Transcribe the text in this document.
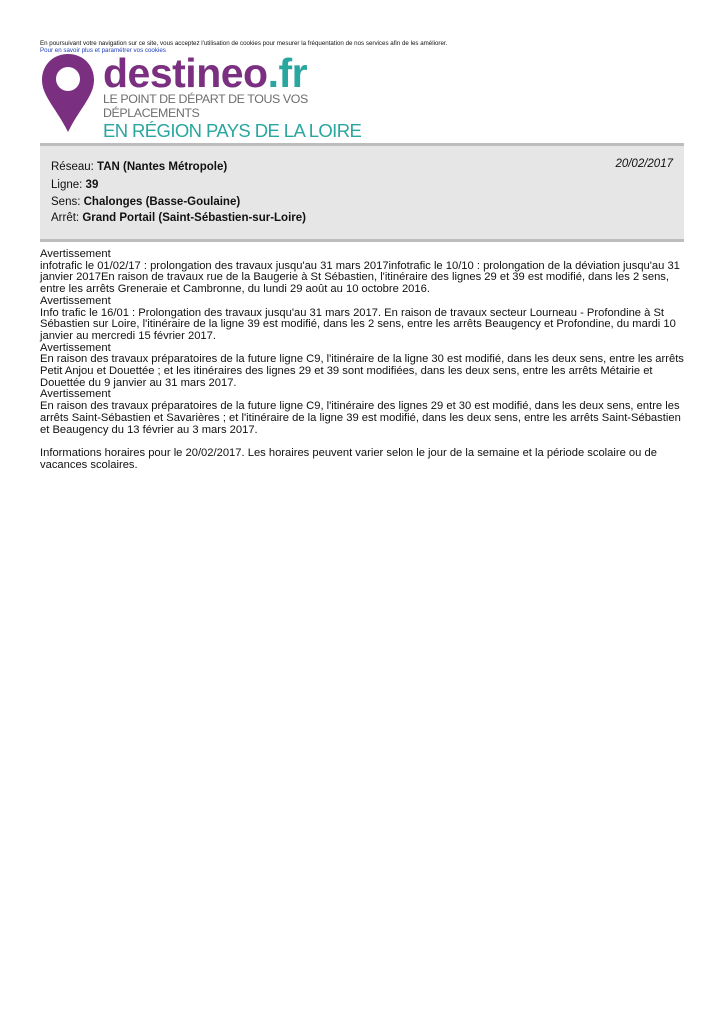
En poursuivant votre navigation sur ce site, vous acceptez l'utilisation de cookies pour mesurer la fréquentation de nos services afin de les améliorer.
Pour en savoir plus et paramétrer vos cookies
destineo.fr
LE POINT DE DÉPART DE TOUS VOS DÉPLACEMENTS
EN RÉGION PAYS DE LA LOIRE
Réseau: TAN (Nantes Métropole)
Ligne: 39
Sens: Chalonges (Basse-Goulaine)
Arrêt: Grand Portail (Saint-Sébastien-sur-Loire)
20/02/2017

Avertissement

infotrafic le 01/02/17 : prolongation des travaux jusqu'au 31 mars 2017infotrafic le 10/10 : prolongation de la déviation jusqu'au 31 janvier 2017En raison de travaux rue de la Baugerie à St Sébastien, l'itinéraire des lignes 29 et 39 est modifié, dans les 2 sens, entre les arrêts Greneraie et Cambronne, du lundi 29 août au 10 octobre 2016.

Avertissement

Info trafic le 16/01 : Prolongation des travaux jusqu'au 31 mars 2017. En raison de travaux secteur Lourneau - Profondine à St Sébastien sur Loire, l'itinéraire de la ligne 39 est modifié, dans les 2 sens, entre les arrêts Beaugency et Profondine, du mardi 10 janvier au mercredi 15 février 2017.

Avertissement

En raison des travaux préparatoires de la future ligne C9, l'itinéraire de la ligne 30 est modifié, dans les deux sens, entre les arrêts Petit Anjou et Douettée ; et les itinéraires des lignes 29 et 39 sont modifiées, dans les deux sens, entre les arrêts Métairie et Douettée du 9 janvier au 31 mars 2017.

Avertissement

En raison des travaux préparatoires de la future ligne C9, l'itinéraire des lignes 29 et 30 est modifié, dans les deux sens, entre les arrêts Saint-Sébastien et Savarières ; et l'itinéraire de la ligne 39 est modifié, dans les deux sens, entre les arrêts Saint-Sébastien et Beaugency du 13 février au 3 mars 2017.

Informations horaires pour le 20/02/2017. Les horaires peuvent varier selon le jour de la semaine et la période scolaire ou de vacances scolaires.
